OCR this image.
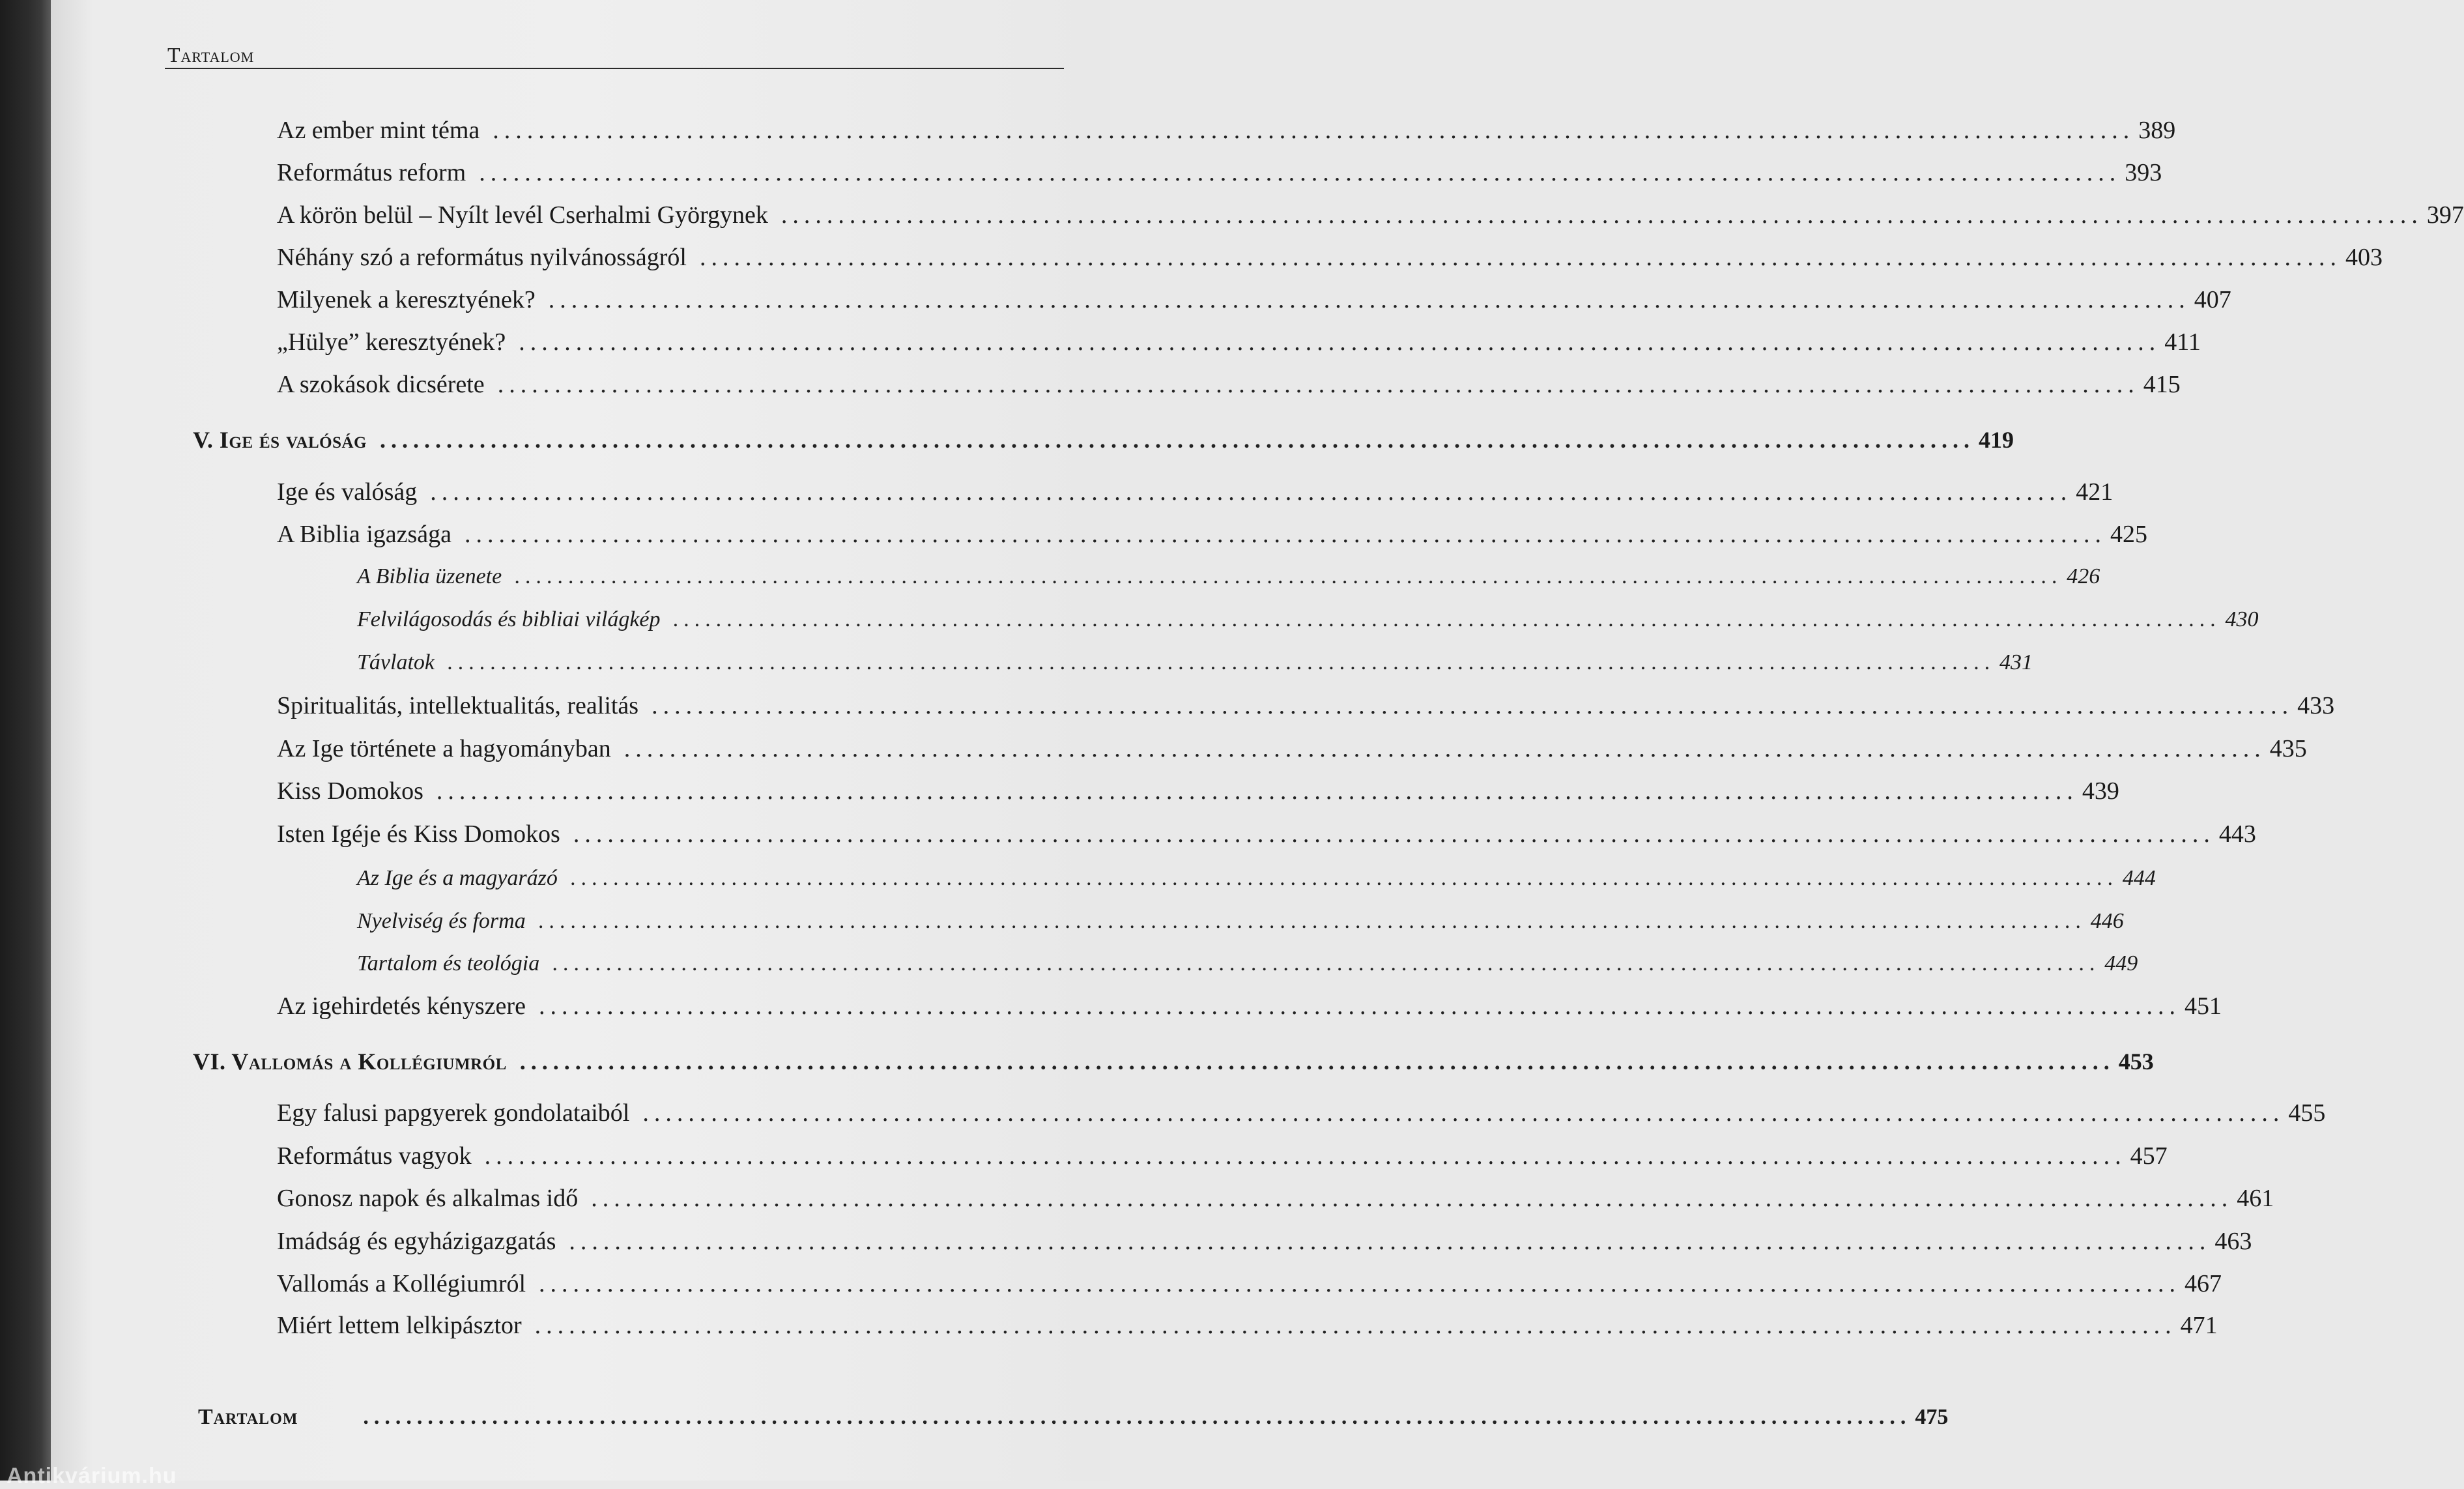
Tartalom
Az ember mint téma ................................................................................................................................................ 389
Református reform ................................................................................................................................................ 393
A körön belül – Nyílt levél Cserhalmi Györgynek ................................................................................................................................................ 397
Néhány szó a református nyilvánosságról ................................................................................................................................................ 403
Milyenek a keresztyének? ................................................................................................................................................ 407
„Hülye” keresztyének? ................................................................................................................................................ 411
A szokások dicsérete ................................................................................................................................................ 415
V. Ige és valóság ................................................................................................................................................ 419
Ige és valóság ................................................................................................................................................ 421
A Biblia igazsága ................................................................................................................................................ 425
A Biblia üzenete ................................................................................................................................................ 426
Felvilágosodás és bibliai világkép ................................................................................................................................................ 430
Távlatok ................................................................................................................................................ 431
Spiritualitás, intellektualitás, realitás ................................................................................................................................................ 433
Az Ige története a hagyományban ................................................................................................................................................ 435
Kiss Domokos ................................................................................................................................................ 439
Isten Igéje és Kiss Domokos ................................................................................................................................................ 443
Az Ige és a magyarázó ................................................................................................................................................ 444
Nyelviség és forma ................................................................................................................................................ 446
Tartalom és teológia ................................................................................................................................................ 449
Az igehirdetés kényszere ................................................................................................................................................ 451
VI. Vallomás a Kollégiumról ................................................................................................................................................ 453
Egy falusi papgyerek gondolataiból ................................................................................................................................................ 455
Református vagyok ................................................................................................................................................ 457
Gonosz napok és alkalmas idő ................................................................................................................................................ 461
Imádság és egyházigazgatás ................................................................................................................................................ 463
Vallomás a Kollégiumról ................................................................................................................................................ 467
Miért lettem lelkipásztor ................................................................................................................................................ 471
Tartalom	................................................................................................................................................ 475
Antikvárium.hu
